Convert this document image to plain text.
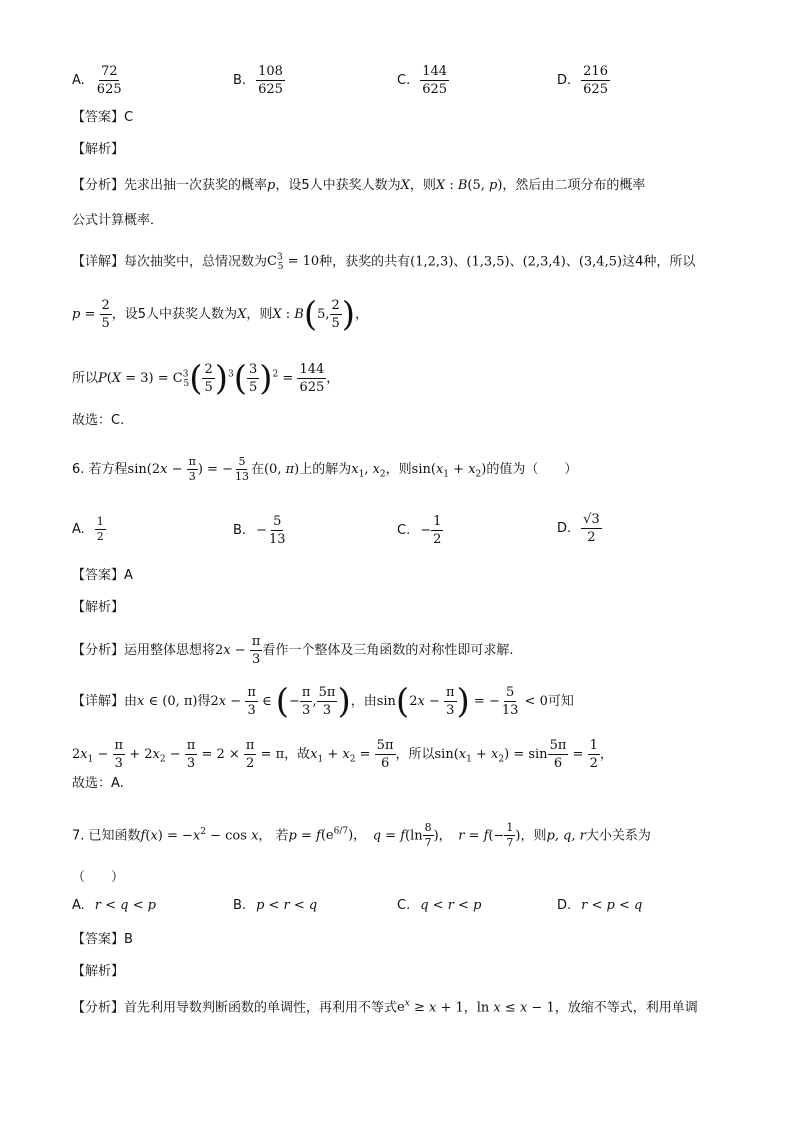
A. $\frac{72}{625}$	B. $\frac{108}{625}$	C. $\frac{144}{625}$	D. $\frac{216}{625}$
【答案】C
【解析】
【分析】先求出抽一次获奖的概率p，设5人中获奖人数为X，则X : B(5, p)，然后由二项分布的概率
公式计算概率．
【详解】每次抽奖中，总情况数为$C^3_5 = 10$种，获奖的共有(1,2,3)、(1,3,5)、(2,3,4)、(3,4,5)这4种，所以
$p = \frac{2}{5}$ ，设5人中获奖人数为X，则X : B(5, $\frac{2}{5}$ )，
所以$P(X = 3) = C^3_5( \frac{2}{5} )^3( \frac{3}{5} )^2 = \frac{144}{625}$ ，
故选：C.
6. 若方程$\sin(2x - \frac{\pi}{3}$ ) = − $\frac{5}{13}$ 在(0, π)上的解为$x_1$, $x_2$，则$\sin(x_1 + x_2)$的值为（　　）
A. $\frac{1}{2}$	B. − $\frac{5}{13}$	C. − $\frac{1}{2}$	D. $\frac{√3}{2}$
【答案】A
【解析】
【分析】运用整体思想将$2x - \frac{\pi}{3}$ 看作一个整体及三角函数的对称性即可求解.
【详解】由x ∈ (0, π)得$2x - \frac{\pi}{3}$ ∈ (− $\frac{\pi}{3}$ , $\frac{5\pi}{3}$ )，由$\sin(2x - \frac{\pi}{3}$ ) = − $\frac{5}{13} < 0$可知
$2x_1 - \frac{\pi}{3} + 2x_2 - \frac{\pi}{3} = 2 \times \frac{\pi}{2} = \pi$，故$x_1 + x_2 = \frac{5\pi}{6}$ ，所以$\sin(x_1 + x_2) = \sin \frac{5\pi}{6} = \frac{1}{2}$ ，
故选：A.
7. 已知函数$f(x) = -x^2 - \cos x$， 若$p = f(e^{6/7})$，　$q = f(\ln \frac{8}{7}$ )，　$r = f(- \frac{1}{7}$ )，则p, q, r大小关系为
（　　）
A. r < q < p	B. p < r < q	C. q < r < p	D. r < p < q
【答案】B
【解析】
【分析】首先利用导数判断函数的单调性，再利用不等式$e^x \ge x + 1$，ln x ≤ x − 1，放缩不等式，利用单调
